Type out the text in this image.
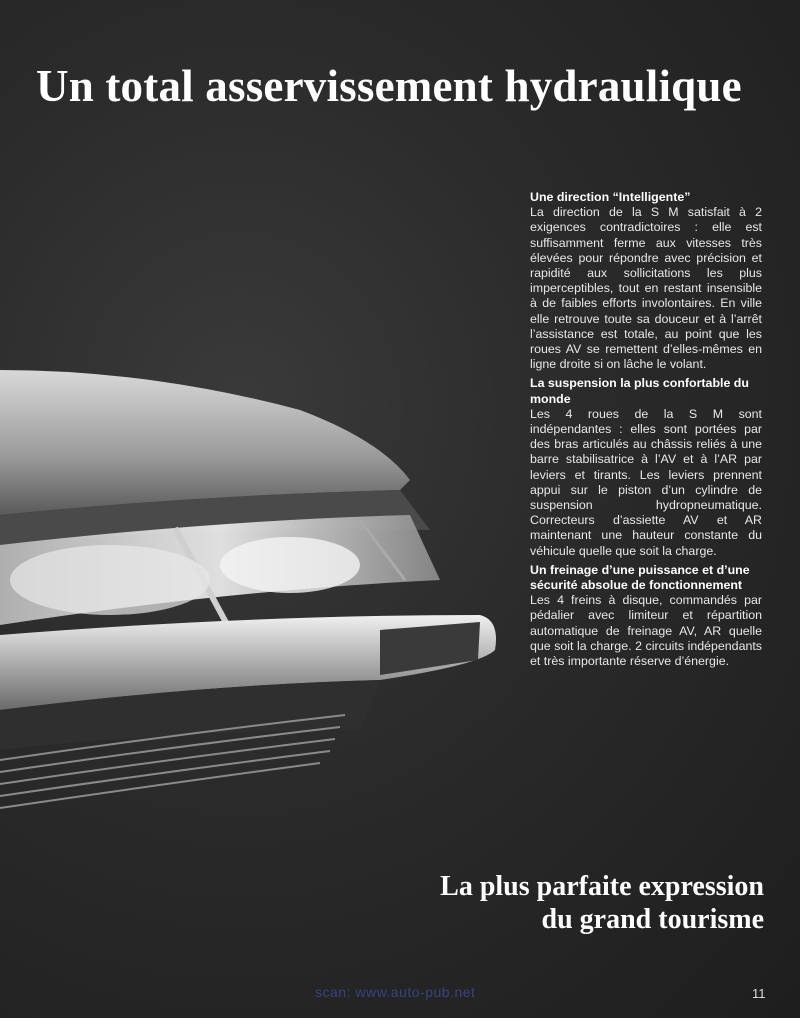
Un total asservissement hydraulique
Une direction “Intelligente”

La direction de la S M satisfait à 2 exigences contradictoires : elle est suffisamment ferme aux vitesses très élevées pour répondre avec précision et rapidité aux sollicitations les plus imperceptibles, tout en restant insensible à de faibles efforts involontaires. En ville elle retrouve toute sa douceur et à l’arrêt l’assistance est totale, au point que les roues AV se remettent d’elles-mêmes en ligne droite si on lâche le volant.

La suspension la plus confortable du monde

Les 4 roues de la S M sont indépendantes : elles sont portées par des bras articulés au châssis reliés à une barre stabilisatrice à l’AV et à l’AR par leviers et tirants. Les leviers prennent appui sur le piston d’un cylindre de suspension hydropneumatique. Correcteurs d’assiette AV et AR maintenant une hauteur constante du véhicule quelle que soit la charge.

Un freinage d’une puissance et d’une sécurité absolue de fonctionnement

Les 4 freins à disque, commandés par pédalier avec limiteur et répartition automatique de freinage AV, AR quelle que soit la charge. 2 circuits indépendants et très importante réserve d’énergie.

La plus parfaite expression
du grand tourisme
scan: www.auto-pub.net	11
